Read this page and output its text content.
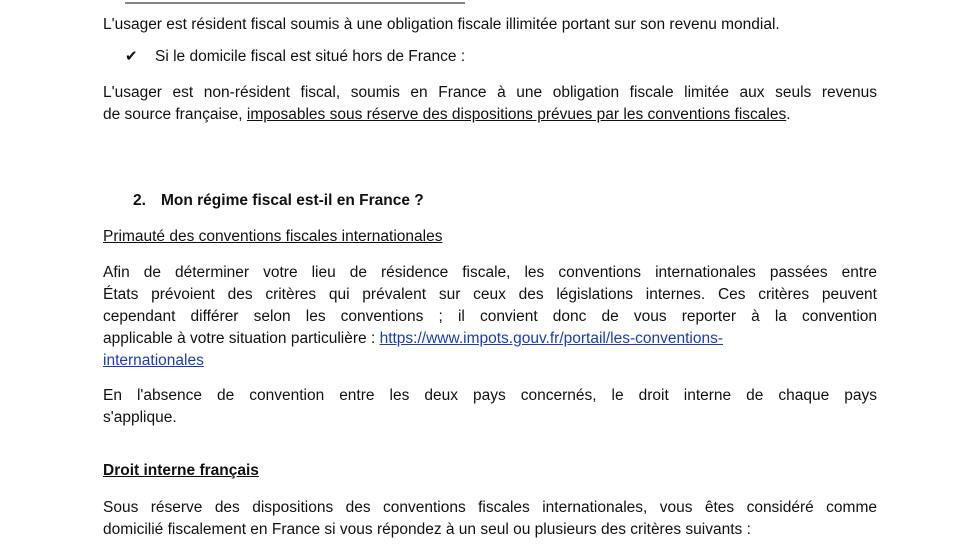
L'usager est résident fiscal soumis à une obligation fiscale illimitée portant sur son revenu mondial.
✔ Si le domicile fiscal est situé hors de France :
L'usager est non-résident fiscal, soumis en France à une obligation fiscale limitée aux seuls revenus
de source française, imposables sous réserve des dispositions prévues par les conventions fiscales.
2. Mon régime fiscal est-il en France ?
Primauté des conventions fiscales internationales
Afin de déterminer votre lieu de résidence fiscale, les conventions internationales passées entre
États prévoient des critères qui prévalent sur ceux des législations internes. Ces critères peuvent
cependant différer selon les conventions ; il convient donc de vous reporter à la convention
applicable à votre situation particulière : https://www.impots.gouv.fr/portail/les-conventions-
internationales
En l'absence de convention entre les deux pays concernés, le droit interne de chaque pays
s'applique.
Droit interne français
Sous réserve des dispositions des conventions fiscales internationales, vous êtes considéré comme
domicilié fiscalement en France si vous répondez à un seul ou plusieurs des critères suivants :
